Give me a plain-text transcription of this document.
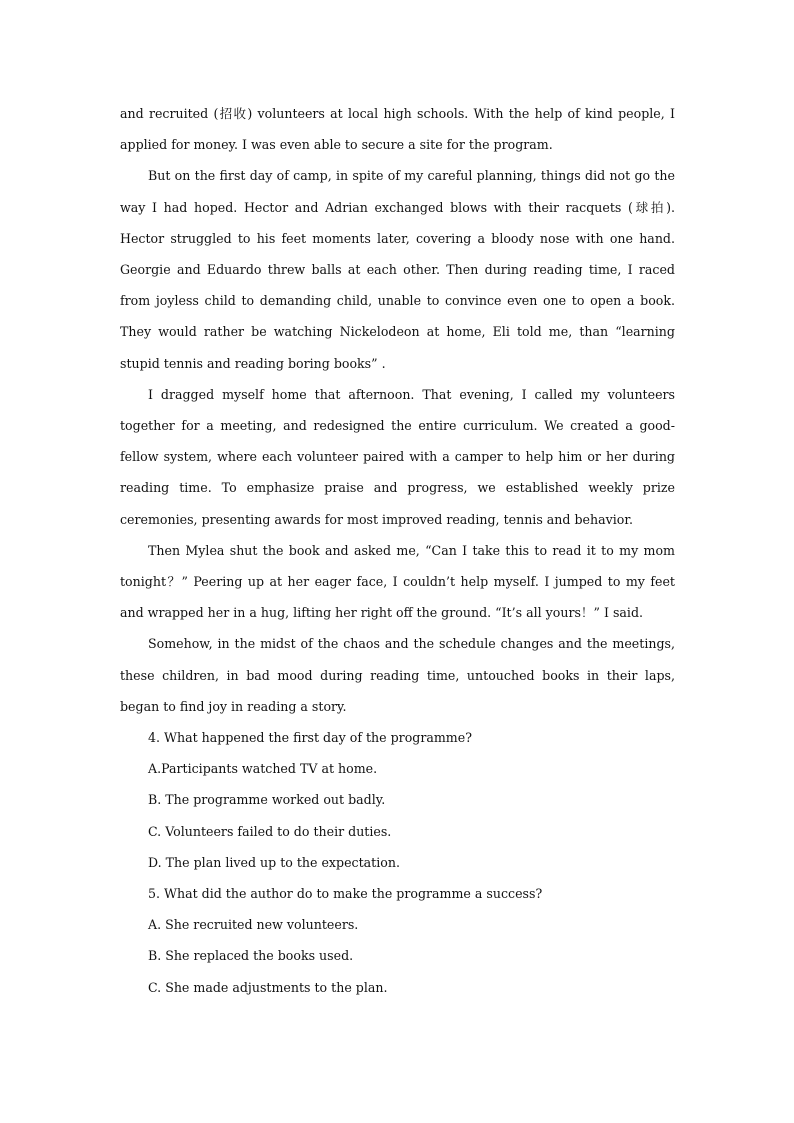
and recruited (招收) volunteers at local high schools. With the help of kind people, I applied for money. I was even able to secure a site for the program.

But on the first day of camp, in spite of my careful planning, things did not go the way I had hoped. Hector and Adrian exchanged blows with their racquets (球拍). Hector struggled to his feet moments later, covering a bloody nose with one hand. Georgie and Eduardo threw balls at each other. Then during reading time, I raced from joyless child to demanding child, unable to convince even one to open a book. They would rather be watching Nickelodeon at home, Eli told me, than “learning stupid tennis and reading boring books” .

I dragged myself home that afternoon. That evening, I called my volunteers together for a meeting, and redesigned the entire curriculum. We created a good-fellow system, where each volunteer paired with a camper to help him or her during reading time. To emphasize praise and progress, we established weekly prize ceremonies, presenting awards for most improved reading, tennis and behavior.

Then Mylea shut the book and asked me, “Can I take this to read it to my mom tonight？” Peering up at her eager face, I couldn’t help myself. I jumped to my feet and wrapped her in a hug, lifting her right off the ground. “It’s all yours！” I said.

Somehow, in the midst of the chaos and the schedule changes and the meetings, these children, in bad mood during reading time, untouched books in their laps, began to find joy in reading a story.

4. What happened the first day of the programme?

A.Participants watched TV at home.

B. The programme worked out badly.

C. Volunteers failed to do their duties.

D. The plan lived up to the expectation.

5. What did the author do to make the programme a success?

A. She recruited new volunteers.

B. She replaced the books used.

C. She made adjustments to the plan.
